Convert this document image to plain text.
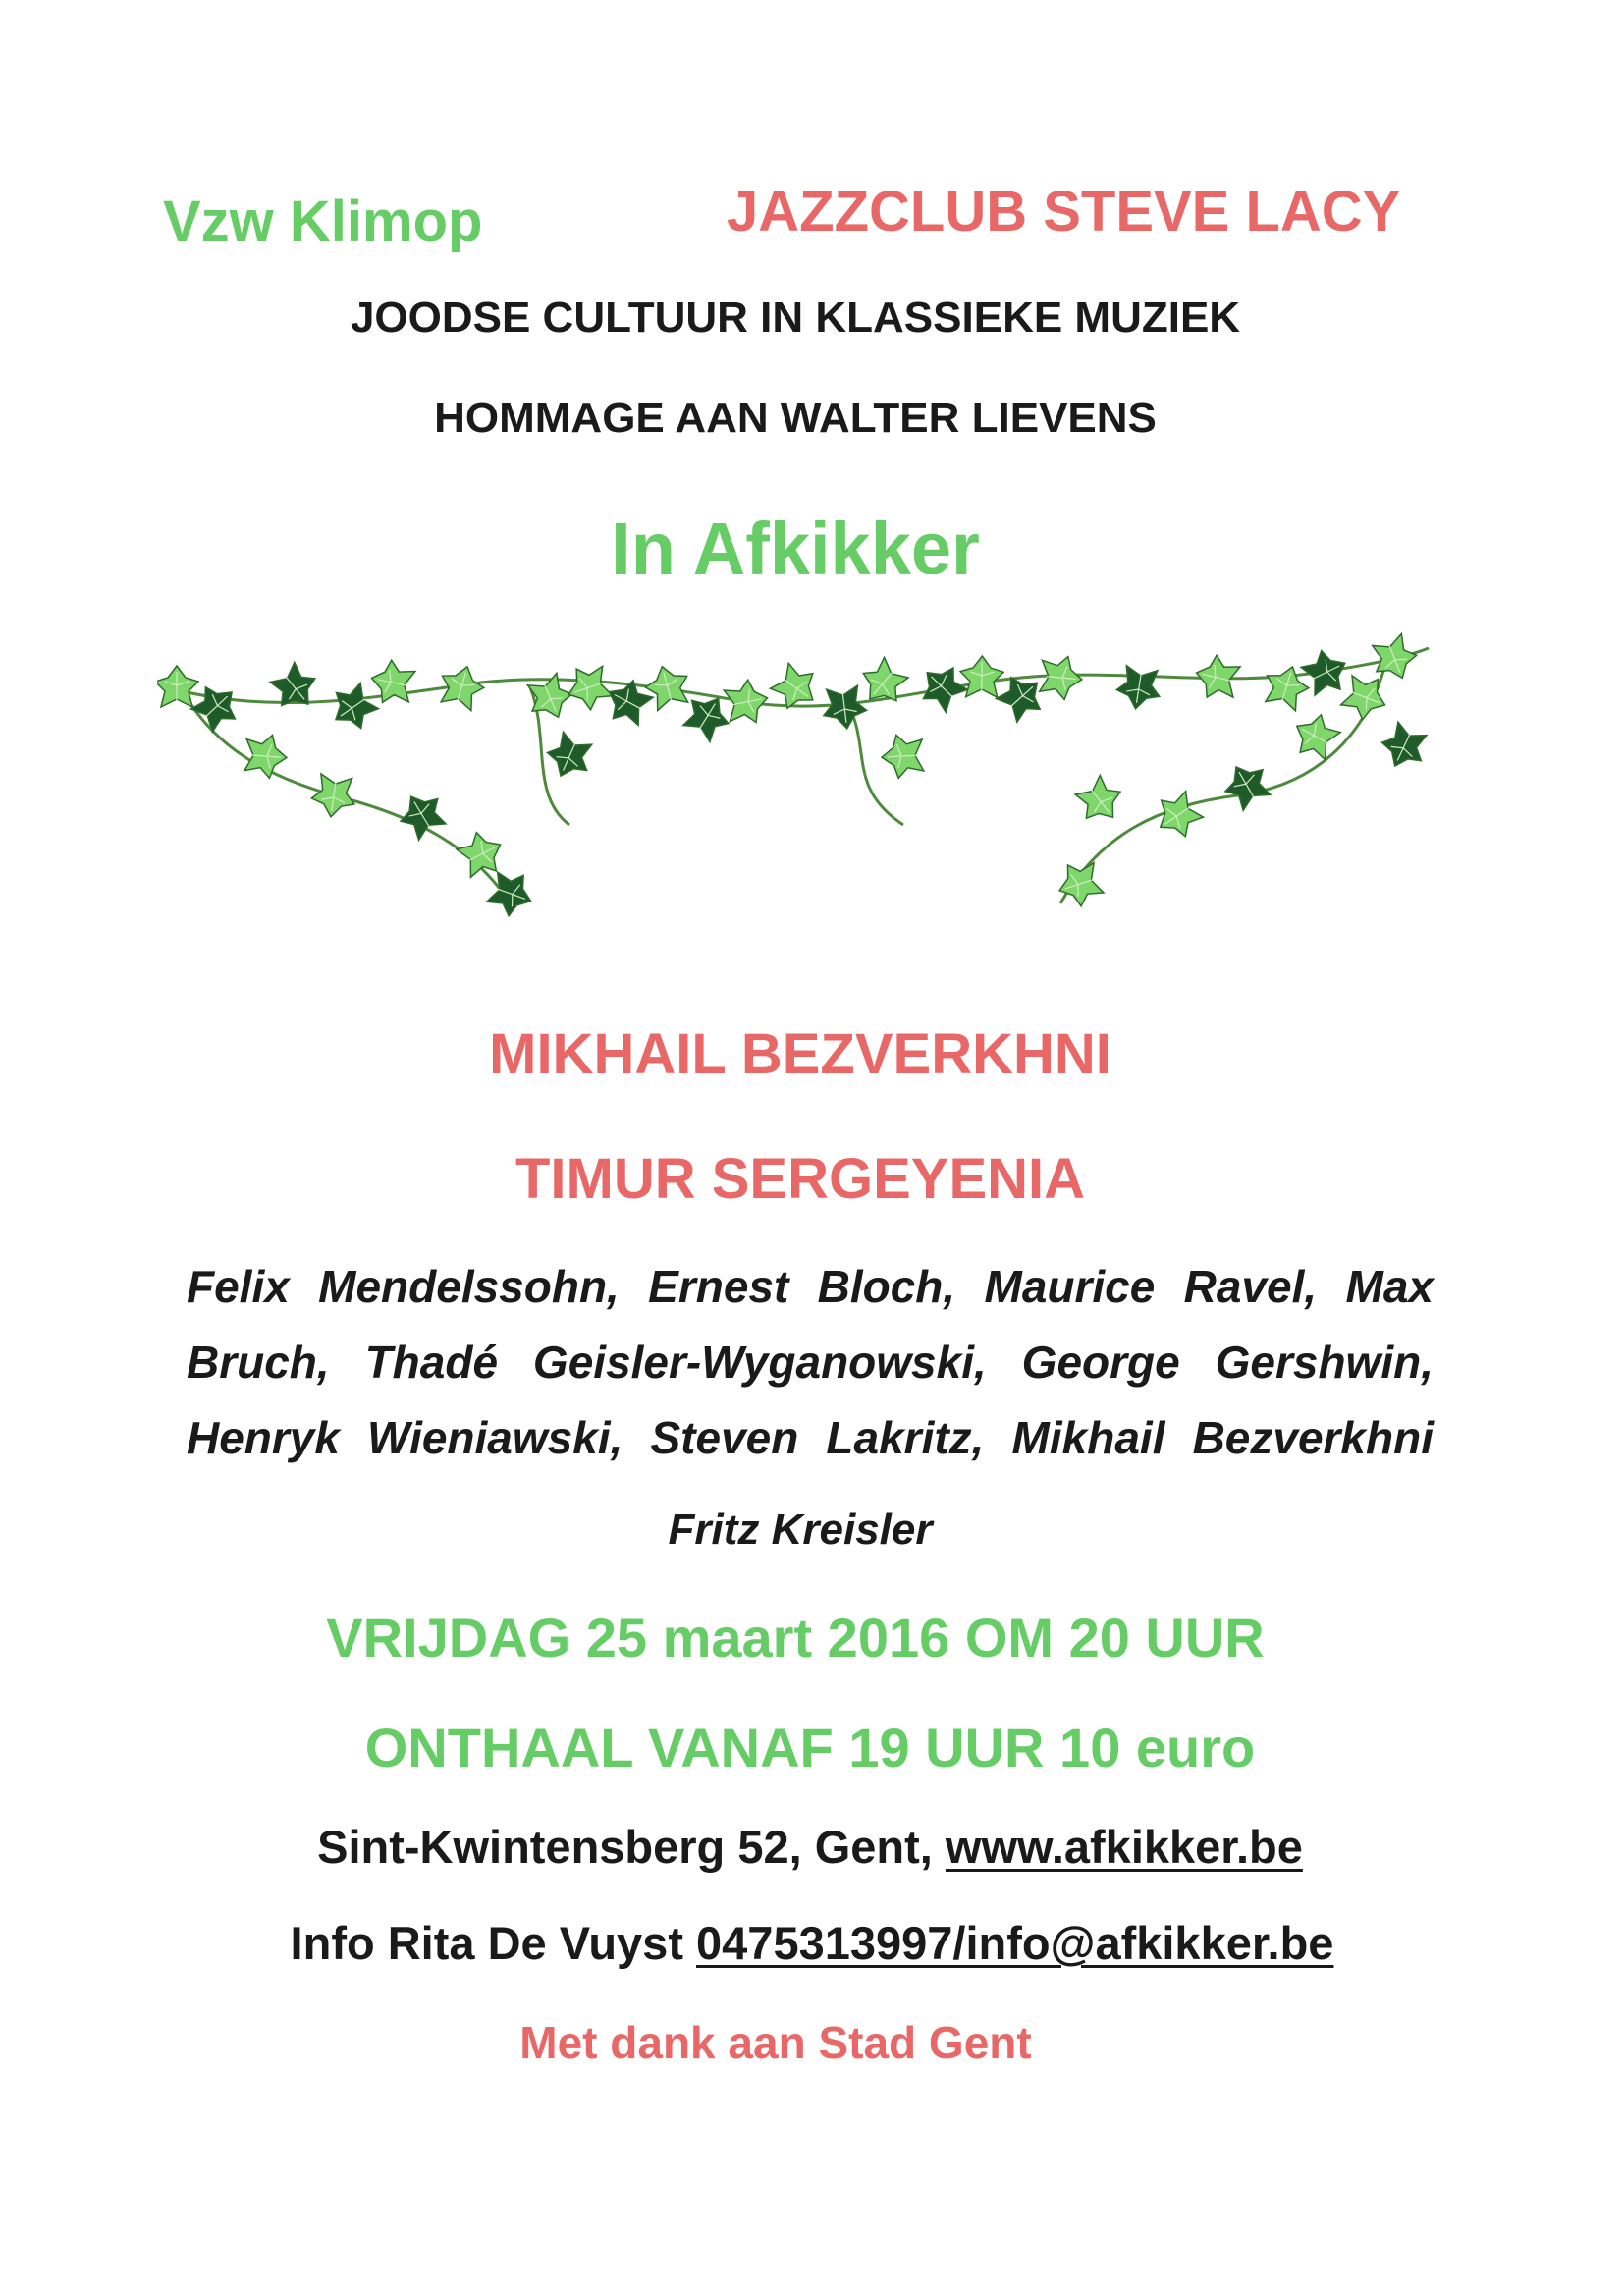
Vzw Klimop	JAZZCLUB STEVE LACY

JOODSE CULTUUR IN KLASSIEKE MUZIEK

HOMMAGE AAN WALTER LIEVENS

In Afkikker

MIKHAIL BEZVERKHNI

TIMUR SERGEYENIA

Felix Mendelssohn, Ernest Bloch, Maurice Ravel, Max Bruch, Thadé Geisler-Wyganowski, George Gershwin, Henryk Wieniawski, Steven Lakritz, Mikhail Bezverkhni

Fritz Kreisler

VRIJDAG 25 maart 2016 OM 20 UUR

ONTHAAL VANAF 19 UUR 10 euro

Sint-Kwintensberg 52, Gent, www.afkikker.be

Info Rita De Vuyst 0475313997/info@afkikker.be

Met dank aan Stad Gent
